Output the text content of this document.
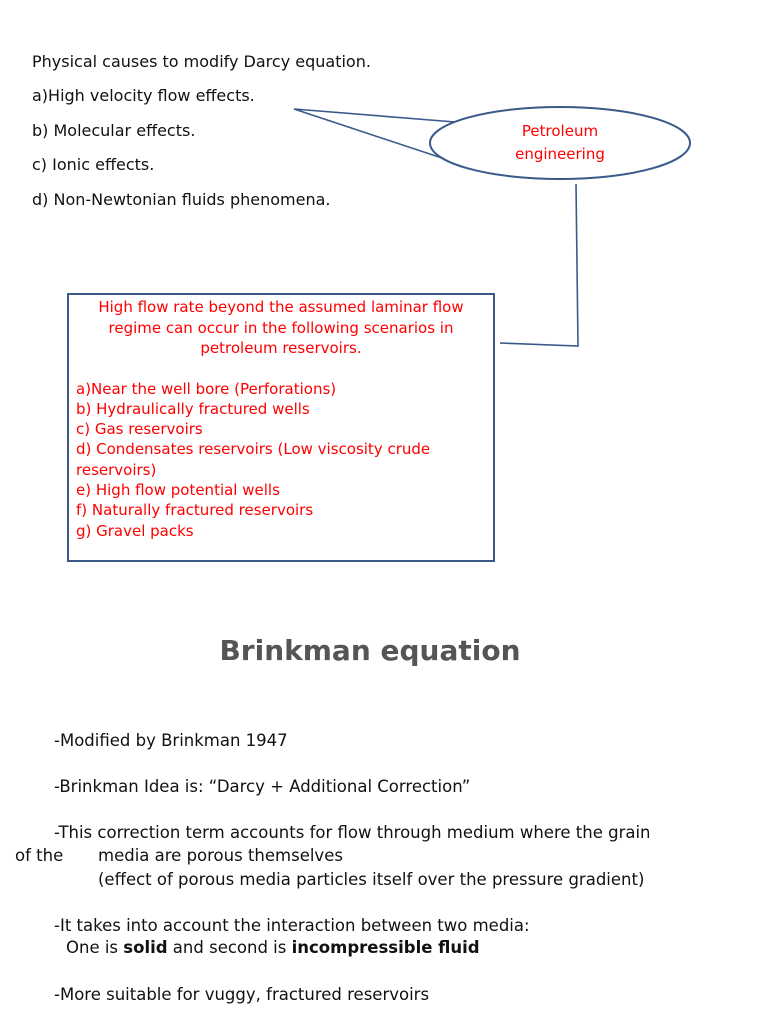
Physical causes to modify Darcy equation.
a)High velocity flow effects.
b) Molecular effects.
c) Ionic effects.
d) Non-Newtonian fluids phenomena.
Petroleum
engineering
High flow rate beyond the assumed laminar flow regime can occur in the following scenarios in petroleum reservoirs.
a)Near the well bore (Perforations)
b) Hydraulically fractured wells
c) Gas reservoirs
d) Condensates reservoirs (Low viscosity crude reservoirs)
e) High flow potential wells
f) Naturally fractured reservoirs
g) Gravel packs
Brinkman equation
-Modified by Brinkman 1947
-Brinkman Idea is: “Darcy + Additional Correction”
-This correction term accounts for flow through medium where the grain
of the media are porous themselves
(effect of porous media particles itself over the pressure gradient)
-It takes into account the interaction between two media:
One is solid and second is incompressible fluid
-More suitable for vuggy, fractured reservoirs
